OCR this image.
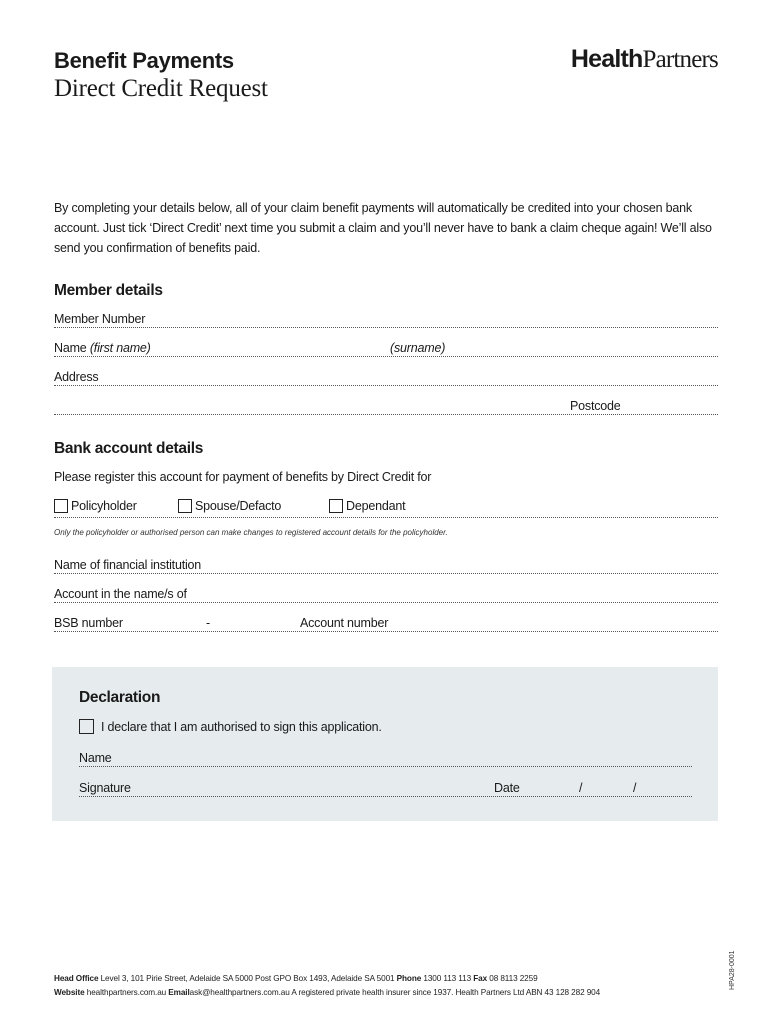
Benefit Payments
Direct Credit Request
HealthPartners
By completing your details below, all of your claim benefit payments will automatically be credited into your chosen bank account. Just tick ‘Direct Credit’ next time you submit a claim and you’ll never have to bank a claim cheque again! We’ll also send you confirmation of benefits paid.
Member details
Member Number
Name (first name)	(surname)
Address
Postcode
Bank account details
Please register this account for payment of benefits by Direct Credit for
Policyholder	Spouse/Defacto	Dependant
Only the policyholder or authorised person can make changes to registered account details for the policyholder.
Name of financial institution
Account in the name/s of
BSB number	-	Account number
Declaration
I declare that I am authorised to sign this application.
Name
Signature	Date	/	/
Head Office Level 3, 101 Pirie Street, Adelaide SA 5000 Post GPO Box 1493, Adelaide SA 5001 Phone 1300 113 113 Fax 08 8113 2259
Website healthpartners.com.au Emailask@healthpartners.com.au A registered private health insurer since 1937. Health Partners Ltd ABN 43 128 282 904
HPA28-0001
